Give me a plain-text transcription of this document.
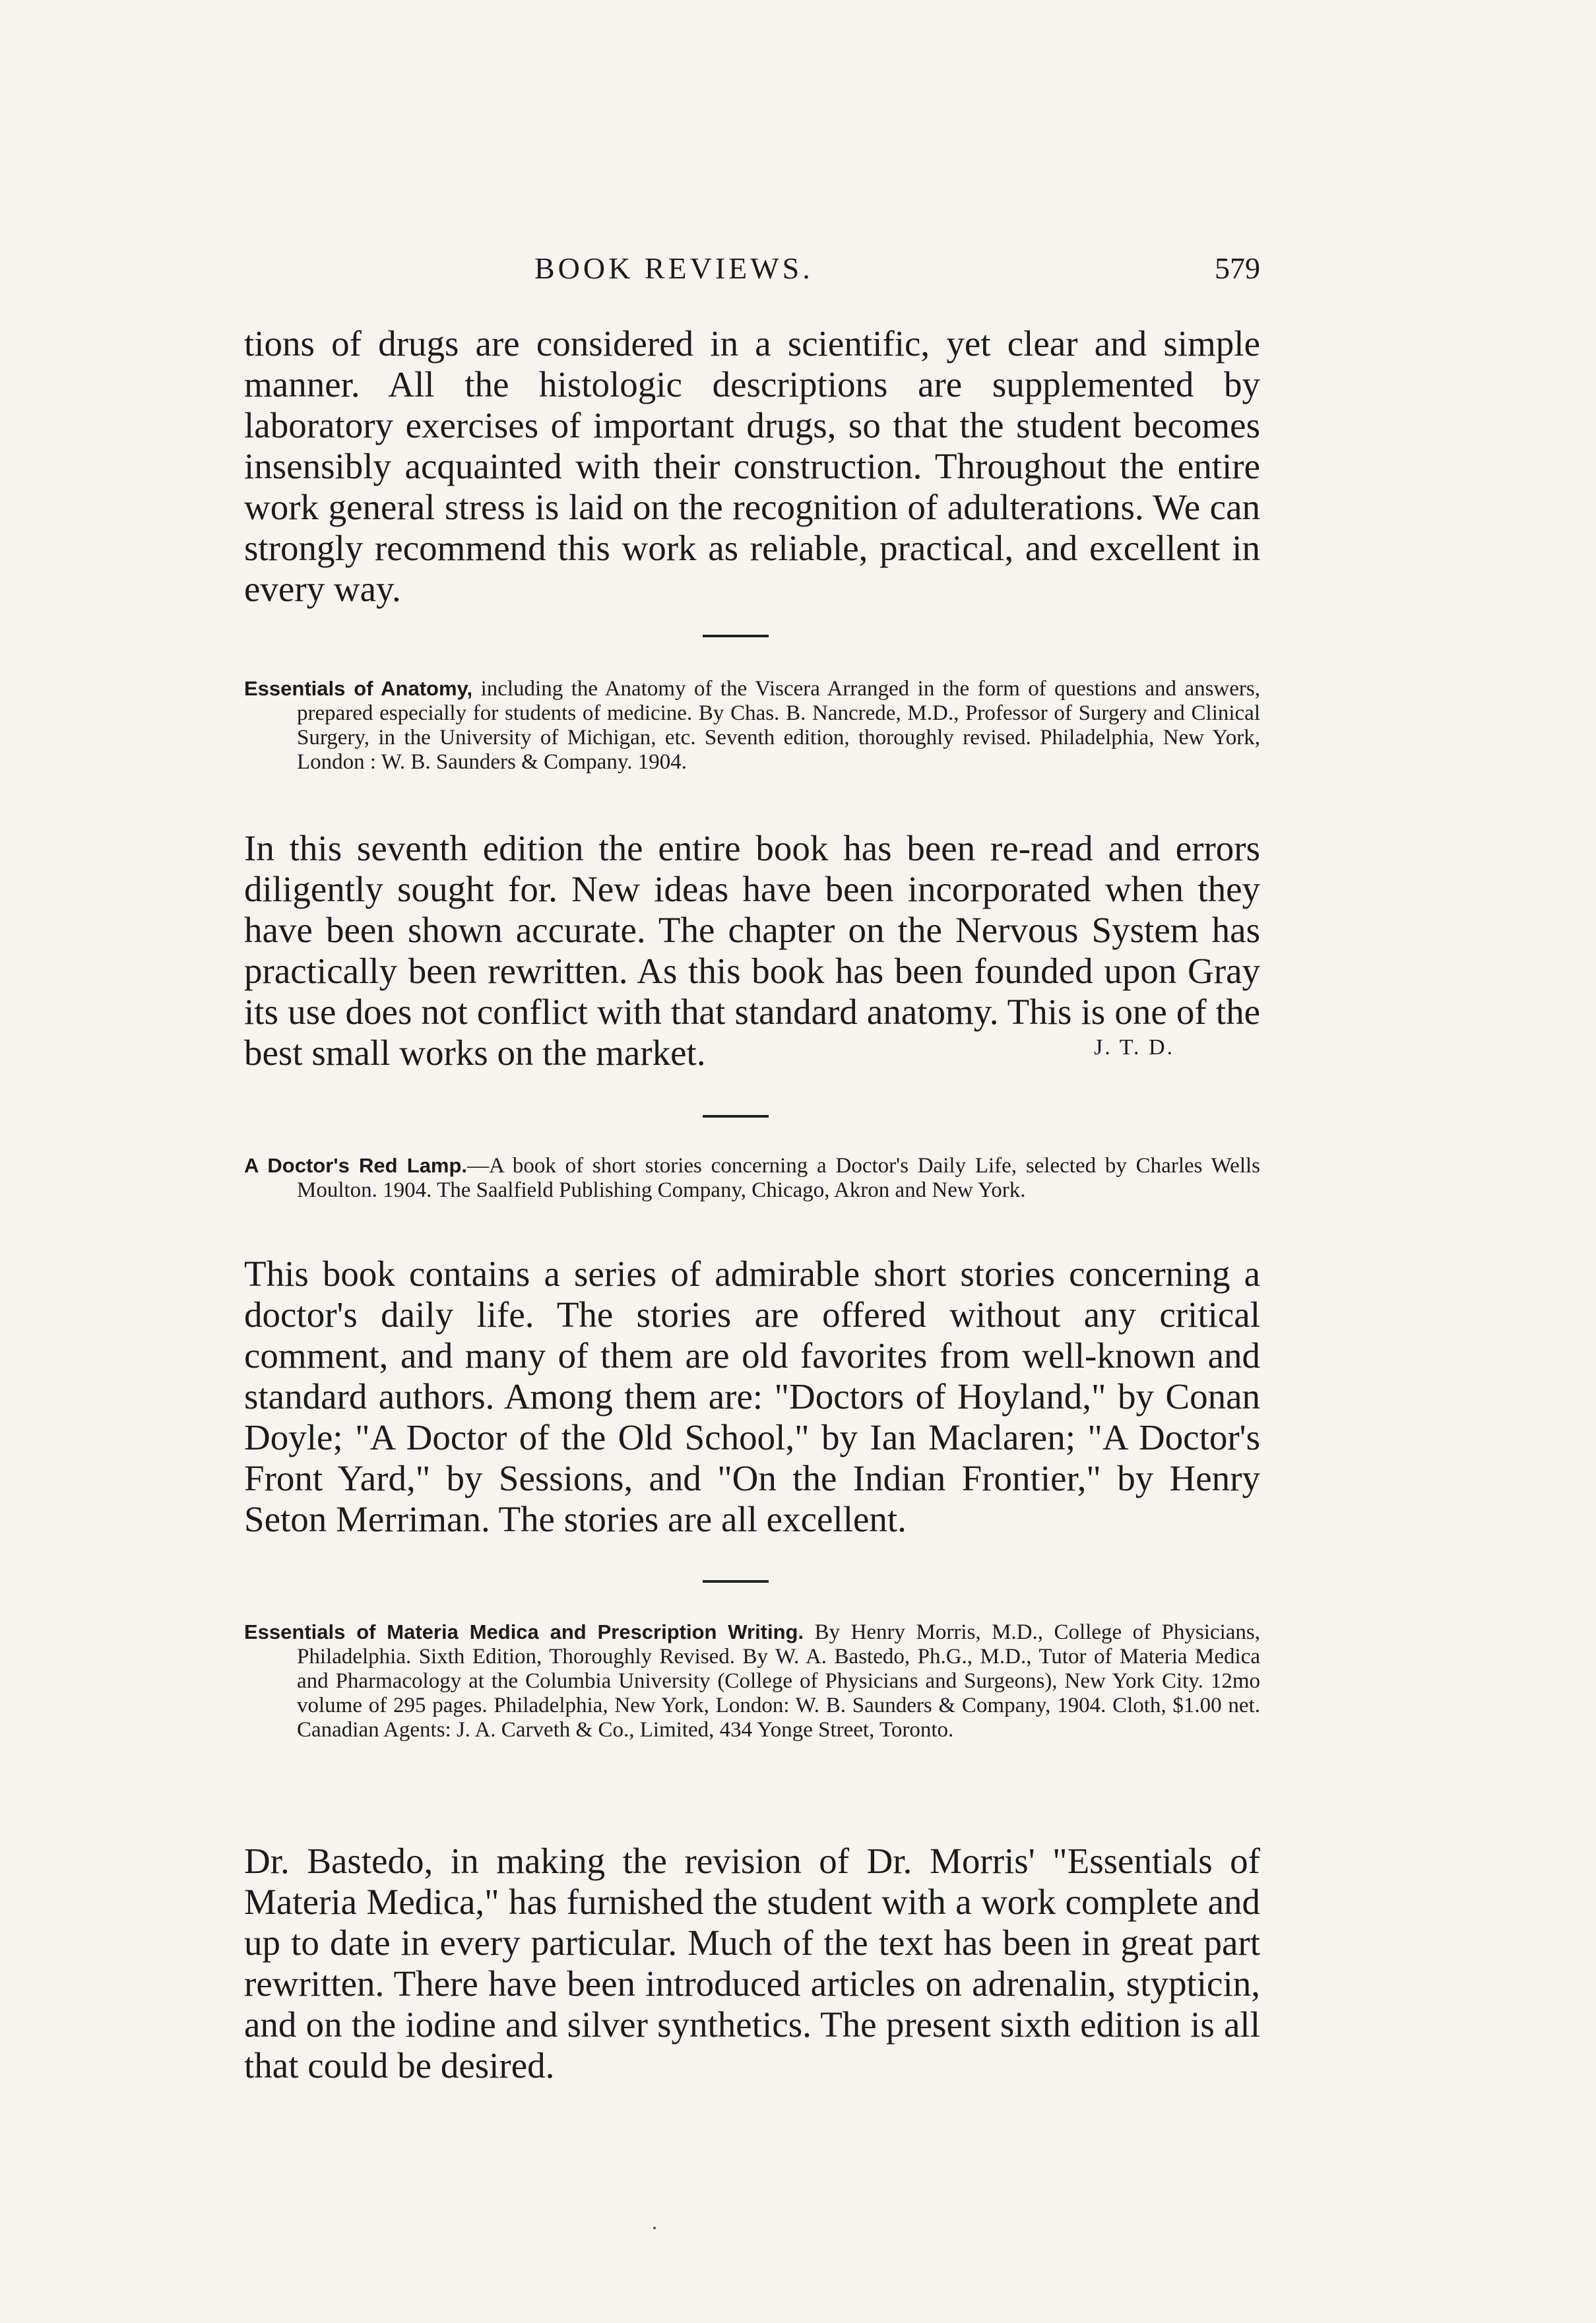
BOOK REVIEWS.	579

tions of drugs are considered in a scientific, yet clear and simple manner. All the histologic descriptions are supplemented by laboratory exercises of important drugs, so that the student becomes insensibly acquainted with their construction. Throughout the entire work general stress is laid on the recognition of adulterations. We can strongly recommend this work as reliable, practical, and excellent in every way.

Essentials of Anatomy, including the Anatomy of the Viscera Arranged in the form of questions and answers, prepared especially for students of medicine. By Chas. B. Nancrede, M.D., Professor of Surgery and Clinical Surgery, in the University of Michigan, etc. Seventh edition, thoroughly revised. Philadelphia, New York, London : W. B. Saunders & Company. 1904.

In this seventh edition the entire book has been re-read and errors diligently sought for. New ideas have been incorporated when they have been shown accurate. The chapter on the Nervous System has practically been rewritten. As this book has been founded upon Gray its use does not conflict with that standard anatomy. This is one of the best small works on the market.	J. T. D.

A Doctor's Red Lamp.—A book of short stories concerning a Doctor's Daily Life, selected by Charles Wells Moulton. 1904. The Saalfield Publishing Company, Chicago, Akron and New York.

This book contains a series of admirable short stories concerning a doctor's daily life. The stories are offered without any critical comment, and many of them are old favorites from well-known and standard authors. Among them are: "Doctors of Hoyland," by Conan Doyle; "A Doctor of the Old School," by Ian Maclaren; "A Doctor's Front Yard," by Sessions, and "On the Indian Frontier," by Henry Seton Merriman. The stories are all excellent.

Essentials of Materia Medica and Prescription Writing. By Henry Morris, M.D., College of Physicians, Philadelphia. Sixth Edition, Thoroughly Revised. By W. A. Bastedo, Ph.G., M.D., Tutor of Materia Medica and Pharmacology at the Columbia University (College of Physicians and Surgeons), New York City. 12mo volume of 295 pages. Philadelphia, New York, London: W. B. Saunders & Company, 1904. Cloth, $1.00 net. Canadian Agents: J. A. Carveth & Co., Limited, 434 Yonge Street, Toronto.

Dr. Bastedo, in making the revision of Dr. Morris' "Essentials of Materia Medica," has furnished the student with a work complete and up to date in every particular. Much of the text has been in great part rewritten. There have been introduced articles on adrenalin, stypticin, and on the iodine and silver synthetics. The present sixth edition is all that could be desired.
